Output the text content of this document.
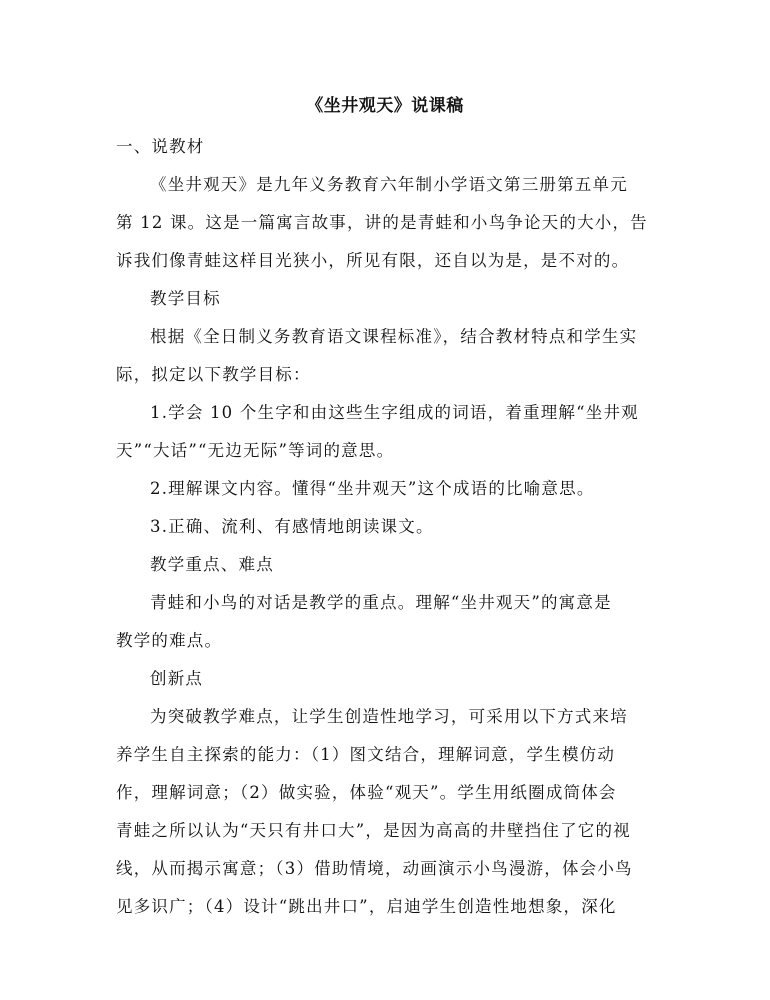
《坐井观天》说课稿
一、说教材
《坐井观天》是九年义务教育六年制小学语文第三册第五单元
第 12 课。这是一篇寓言故事，讲的是青蛙和小鸟争论天的大小，告
诉我们像青蛙这样目光狭小，所见有限，还自以为是，是不对的。
教学目标
根据《全日制义务教育语文课程标准》，结合教材特点和学生实
际，拟定以下教学目标：
1.学会 10 个生字和由这些生字组成的词语，着重理解“坐井观
天”“大话”“无边无际”等词的意思。
2.理解课文内容。懂得“坐井观天”这个成语的比喻意思。
3.正确、流利、有感情地朗读课文。
教学重点、难点
青蛙和小鸟的对话是教学的重点。理解“坐井观天”的寓意是
教学的难点。
创新点
为突破教学难点，让学生创造性地学习，可采用以下方式来培
养学生自主探索的能力：（1）图文结合，理解词意，学生模仿动
作，理解词意；（2）做实验，体验“观天”。学生用纸圈成筒体会
青蛙之所以认为“天只有井口大”，是因为高高的井壁挡住了它的视
线，从而揭示寓意；（3）借助情境，动画演示小鸟漫游，体会小鸟
见多识广；（4）设计“跳出井口”，启迪学生创造性地想象，深化
